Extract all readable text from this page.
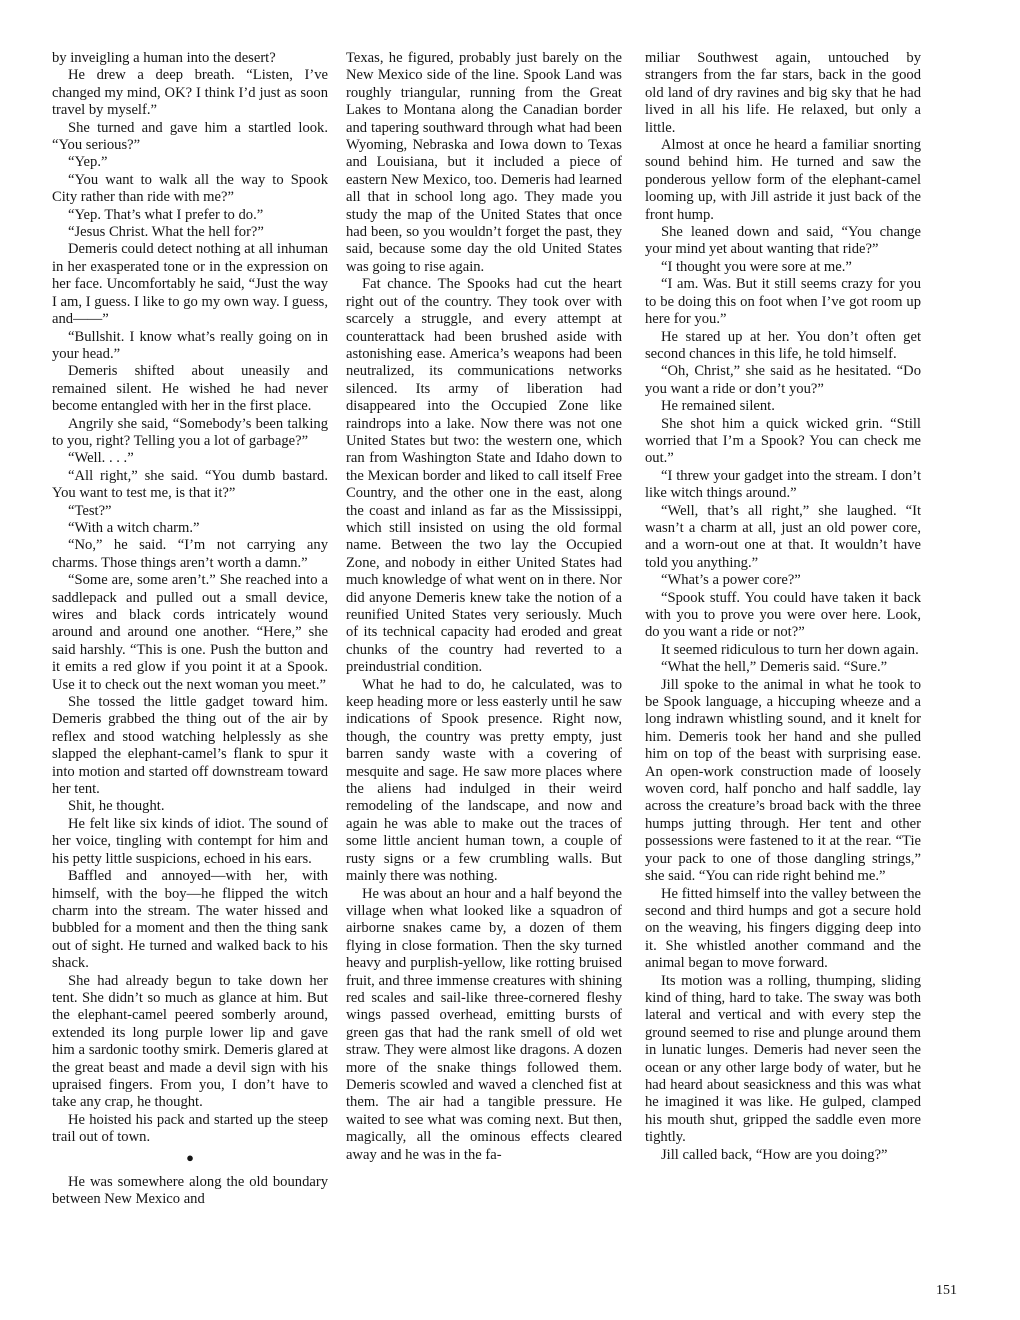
by inveigling a human into the desert?

He drew a deep breath. “Listen, I’ve changed my mind, OK? I think I’d just as soon travel by myself.”

She turned and gave him a startled look. “You serious?”

“Yep.”

“You want to walk all the way to Spook City rather than ride with me?”

“Yep. That’s what I prefer to do.”

“Jesus Christ. What the hell for?”

Demeris could detect nothing at all inhuman in her exasperated tone or in the expression on her face. Uncomfortably he said, “Just the way I am, I guess. I like to go my own way. I guess, and——”

“Bullshit. I know what’s really going on in your head.”

Demeris shifted about uneasily and remained silent. He wished he had never become entangled with her in the first place.

Angrily she said, “Somebody’s been talking to you, right? Telling you a lot of garbage?”

“Well. . . .”

“All right,” she said. “You dumb bastard. You want to test me, is that it?”

“Test?”

“With a witch charm.”

“No,” he said. “I’m not carrying any charms. Those things aren’t worth a damn.”

“Some are, some aren’t.” She reached into a saddlepack and pulled out a small device, wires and black cords intricately wound around and around one another. “Here,” she said harshly. “This is one. Push the button and it emits a red glow if you point it at a Spook. Use it to check out the next woman you meet.”

She tossed the little gadget toward him. Demeris grabbed the thing out of the air by reflex and stood watching helplessly as she slapped the elephant-camel’s flank to spur it into motion and started off downstream toward her tent.

Shit, he thought.

He felt like six kinds of idiot. The sound of her voice, tingling with contempt for him and his petty little suspicions, echoed in his ears.

Baffled and annoyed—with her, with himself, with the boy—he flipped the witch charm into the stream. The water hissed and bubbled for a moment and then the thing sank out of sight. He turned and walked back to his shack.

She had already begun to take down her tent. She didn’t so much as glance at him. But the elephant-camel peered somberly around, extended its long purple lower lip and gave him a sardonic toothy smirk. Demeris glared at the great beast and made a devil sign with his upraised fingers. From you, I don’t have to take any crap, he thought.

He hoisted his pack and started up the steep trail out of town.

●

He was somewhere along the old boundary between New Mexico and

Texas, he figured, probably just barely on the New Mexico side of the line. Spook Land was roughly triangular, running from the Great Lakes to Montana along the Canadian border and tapering southward through what had been Wyoming, Nebraska and Iowa down to Texas and Louisiana, but it included a piece of eastern New Mexico, too. Demeris had learned all that in school long ago. They made you study the map of the United States that once had been, so you wouldn’t forget the past, they said, because some day the old United States was going to rise again.

Fat chance. The Spooks had cut the heart right out of the country. They took over with scarcely a struggle, and every attempt at counterattack had been brushed aside with astonishing ease. America’s weapons had been neutralized, its communications networks silenced. Its army of liberation had disappeared into the Occupied Zone like raindrops into a lake. Now there was not one United States but two: the western one, which ran from Washington State and Idaho down to the Mexican border and liked to call itself Free Country, and the other one in the east, along the coast and inland as far as the Mississippi, which still insisted on using the old formal name. Between the two lay the Occupied Zone, and nobody in either United States had much knowledge of what went on in there. Nor did anyone Demeris knew take the notion of a reunified United States very seriously. Much of its technical capacity had eroded and great chunks of the country had reverted to a preindustrial condition.

What he had to do, he calculated, was to keep heading more or less easterly until he saw indications of Spook presence. Right now, though, the country was pretty empty, just barren sandy waste with a covering of mesquite and sage. He saw more places where the aliens had indulged in their weird remodeling of the landscape, and now and again he was able to make out the traces of some little ancient human town, a couple of rusty signs or a few crumbling walls. But mainly there was nothing.

He was about an hour and a half beyond the village when what looked like a squadron of airborne snakes came by, a dozen of them flying in close formation. Then the sky turned heavy and purplish-yellow, like rotting bruised fruit, and three immense creatures with shining red scales and sail-like three-cornered fleshy wings passed overhead, emitting bursts of green gas that had the rank smell of old wet straw. They were almost like dragons. A dozen more of the snake things followed them. Demeris scowled and waved a clenched fist at them. The air had a tangible pressure. He waited to see what was coming next. But then, magically, all the ominous effects cleared away and he was in the fa-

miliar Southwest again, untouched by strangers from the far stars, back in the good old land of dry ravines and big sky that he had lived in all his life. He relaxed, but only a little.

Almost at once he heard a familiar snorting sound behind him. He turned and saw the ponderous yellow form of the elephant-camel looming up, with Jill astride it just back of the front hump.

She leaned down and said, “You change your mind yet about wanting that ride?”

“I thought you were sore at me.”

“I am. Was. But it still seems crazy for you to be doing this on foot when I’ve got room up here for you.”

He stared up at her. You don’t often get second chances in this life, he told himself.

“Oh, Christ,” she said as he hesitated. “Do you want a ride or don’t you?”

He remained silent.

She shot him a quick wicked grin. “Still worried that I’m a Spook? You can check me out.”

“I threw your gadget into the stream. I don’t like witch things around.”

“Well, that’s all right,” she laughed. “It wasn’t a charm at all, just an old power core, and a worn-out one at that. It wouldn’t have told you anything.”

“What’s a power core?”

“Spook stuff. You could have taken it back with you to prove you were over here. Look, do you want a ride or not?”

It seemed ridiculous to turn her down again.

“What the hell,” Demeris said. “Sure.”

Jill spoke to the animal in what he took to be Spook language, a hiccuping wheeze and a long indrawn whistling sound, and it knelt for him. Demeris took her hand and she pulled him on top of the beast with surprising ease. An open-work construction made of loosely woven cord, half poncho and half saddle, lay across the creature’s broad back with the three humps jutting through. Her tent and other possessions were fastened to it at the rear. “Tie your pack to one of those dangling strings,” she said. “You can ride right behind me.”

He fitted himself into the valley between the second and third humps and got a secure hold on the weaving, his fingers digging deep into it. She whistled another command and the animal began to move forward.

Its motion was a rolling, thumping, sliding kind of thing, hard to take. The sway was both lateral and vertical and with every step the ground seemed to rise and plunge around them in lunatic lunges. Demeris had never seen the ocean or any other large body of water, but he had heard about seasickness and this was what he imagined it was like. He gulped, clamped his mouth shut, gripped the saddle even more tightly.

Jill called back, “How are you doing?”

151
